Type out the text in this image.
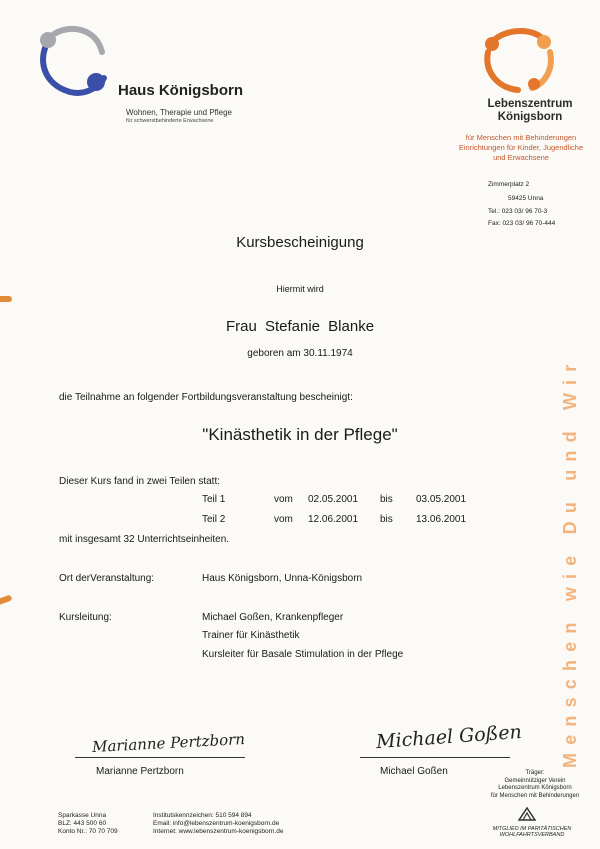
Haus Königsborn
Wohnen, Therapie und Pflege
für schwerstbehinderte Erwachsene
Lebenszentrum
Königsborn
für Menschen mit Behinderungen
Einrichtungen für Kinder, Jugendliche
und Erwachsene
Zimmerplatz 2
59425 Unna
Tel.: 023 03/ 96 70-3
Fax: 023 03/ 96 70-444
Menschen wie Du und Wir
Kursbescheinigung
Hiermit wird
Frau Stefanie Blanke
geboren am 30.11.1974
die Teilnahme an folgender Fortbildungsveranstaltung bescheinigt:
"Kinästhetik in der Pflege"
Dieser Kurs fand in zwei Teilen statt:
Teil 1	vom 02.05.2001 bis 03.05.2001
Teil 2	vom 12.06.2001 bis 13.06.2001
mit insgesamt 32 Unterrichtseinheiten.
Ort derVeranstaltung:	Haus Königsborn, Unna-Königsborn
Kursleitung:	Michael Goßen, Krankenpfleger
Trainer für Kinästhetik
Kursleiter für Basale Stimulation in der Pflege
Marianne Pertzborn
Marianne Pertzborn
Michael Goßen
Michael Goßen	Träger:
Gemeinnütziger Verein
Lebenszentrum Königsborn
für Menschen mit Behinderungen
Sparkasse Unna
BLZ: 443 500 60
Konto Nr.: 70 70 709
Institutskennzeichen: 510 594 894
Email: info@lebenszentrum-koenigsborn.de
Internet: www.lebenszentrum-koenigsborn.de	MITGLIED IM PARITÄTISCHEN WOHLFAHRTSVERBAND
